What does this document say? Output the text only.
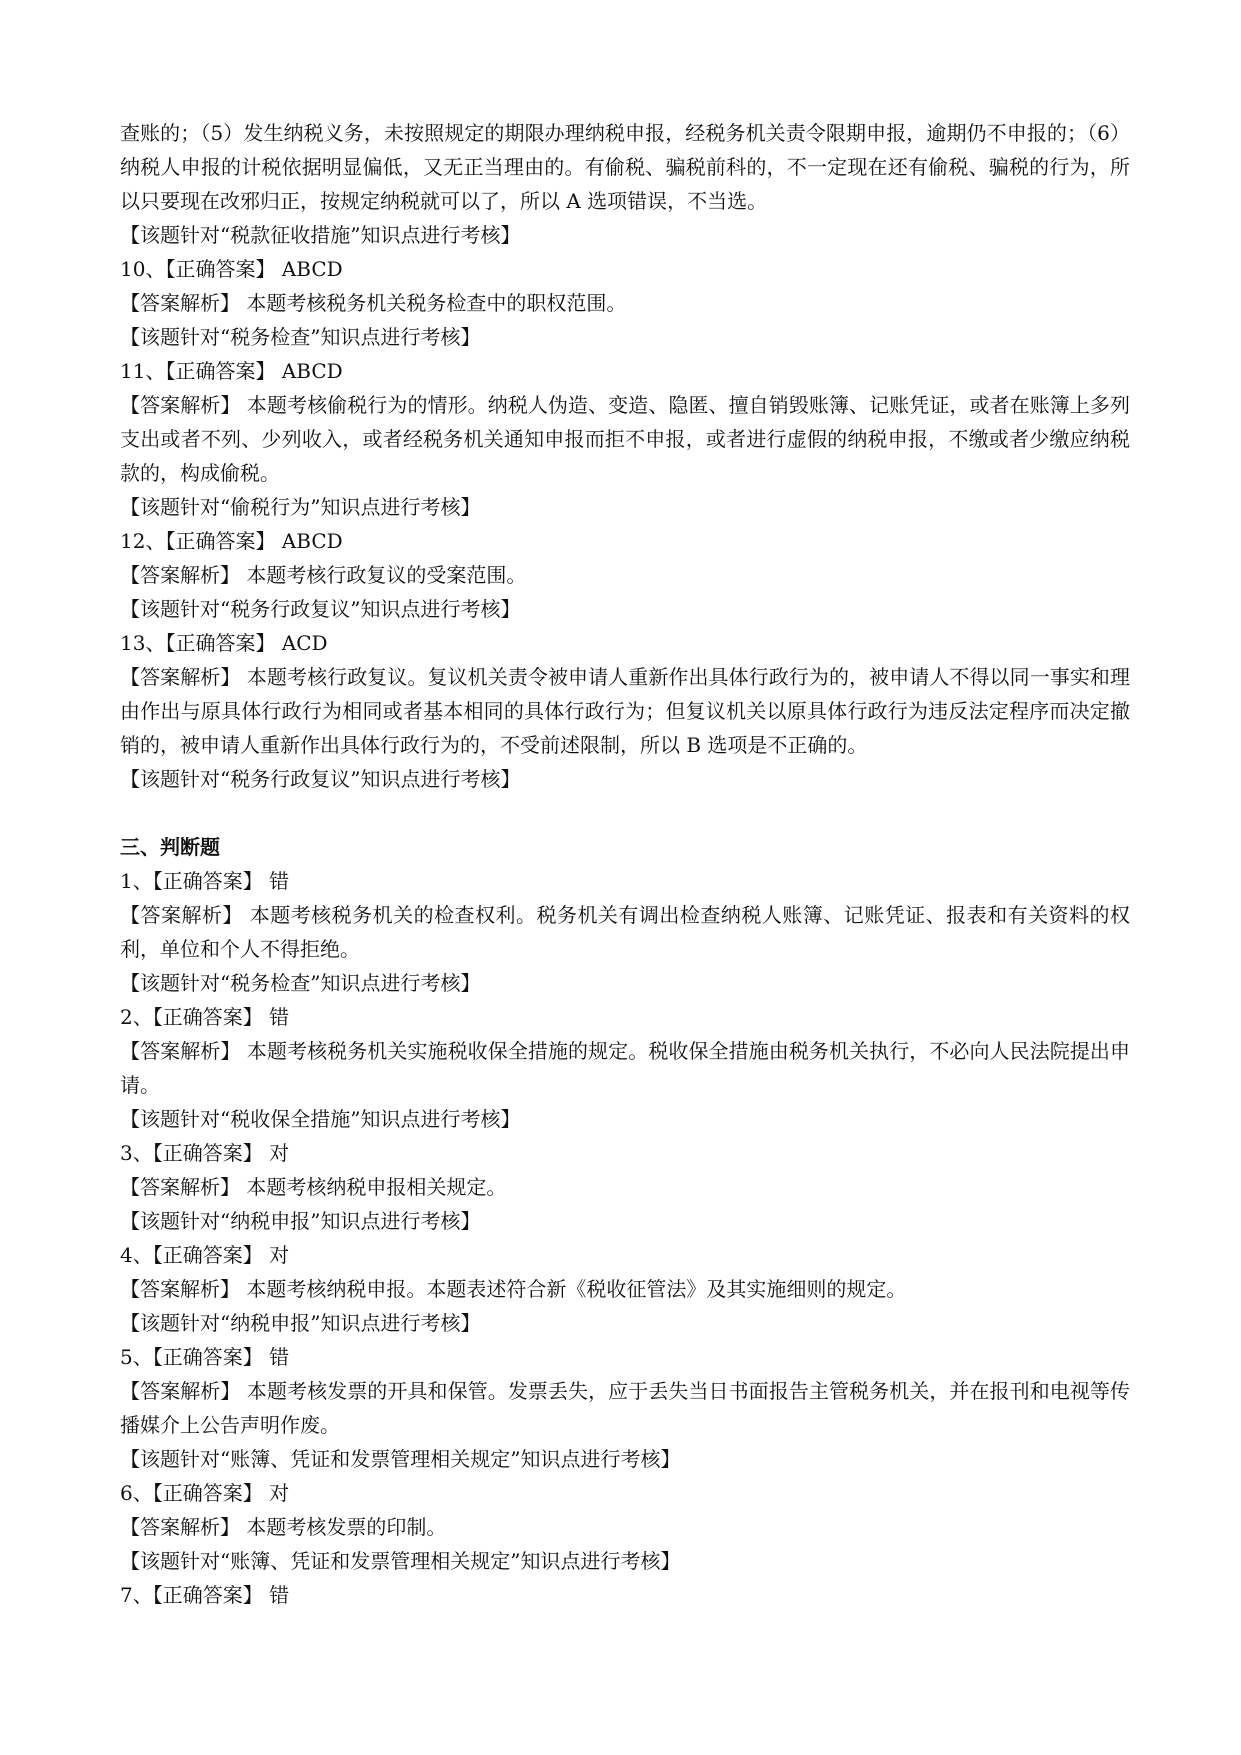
查账的；（5）发生纳税义务，未按照规定的期限办理纳税申报，经税务机关责令限期申报，逾期仍不申报的；（6）纳税人申报的计税依据明显偏低，又无正当理由的。有偷税、骗税前科的，不一定现在还有偷税、骗税的行为，所以只要现在改邪归正，按规定纳税就可以了，所以 A 选项错误，不当选。

【该题针对“税款征收措施”知识点进行考核】

10、【正确答案】 ABCD

【答案解析】 本题考核税务机关税务检查中的职权范围。

【该题针对“税务检查”知识点进行考核】

11、【正确答案】 ABCD

【答案解析】 本题考核偷税行为的情形。纳税人伪造、变造、隐匿、擅自销毁账簿、记账凭证，或者在账簿上多列支出或者不列、少列收入，或者经税务机关通知申报而拒不申报，或者进行虚假的纳税申报，不缴或者少缴应纳税款的，构成偷税。

【该题针对“偷税行为”知识点进行考核】

12、【正确答案】 ABCD

【答案解析】 本题考核行政复议的受案范围。

【该题针对“税务行政复议”知识点进行考核】

13、【正确答案】 ACD

【答案解析】 本题考核行政复议。复议机关责令被申请人重新作出具体行政行为的，被申请人不得以同一事实和理由作出与原具体行政行为相同或者基本相同的具体行政行为；但复议机关以原具体行政行为违反法定程序而决定撤销的，被申请人重新作出具体行政行为的，不受前述限制，所以 B 选项是不正确的。

【该题针对“税务行政复议”知识点进行考核】

三、判断题

1、【正确答案】 错

【答案解析】 本题考核税务机关的检查权利。税务机关有调出检查纳税人账簿、记账凭证、报表和有关资料的权利，单位和个人不得拒绝。

【该题针对“税务检查”知识点进行考核】

2、【正确答案】 错

【答案解析】 本题考核税务机关实施税收保全措施的规定。税收保全措施由税务机关执行，不必向人民法院提出申请。

【该题针对“税收保全措施”知识点进行考核】

3、【正确答案】 对

【答案解析】 本题考核纳税申报相关规定。

【该题针对“纳税申报”知识点进行考核】

4、【正确答案】 对

【答案解析】 本题考核纳税申报。本题表述符合新《税收征管法》及其实施细则的规定。

【该题针对“纳税申报”知识点进行考核】

5、【正确答案】 错

【答案解析】 本题考核发票的开具和保管。发票丢失，应于丢失当日书面报告主管税务机关，并在报刊和电视等传播媒介上公告声明作废。

【该题针对“账簿、凭证和发票管理相关规定”知识点进行考核】

6、【正确答案】 对

【答案解析】 本题考核发票的印制。

【该题针对“账簿、凭证和发票管理相关规定”知识点进行考核】

7、【正确答案】 错
